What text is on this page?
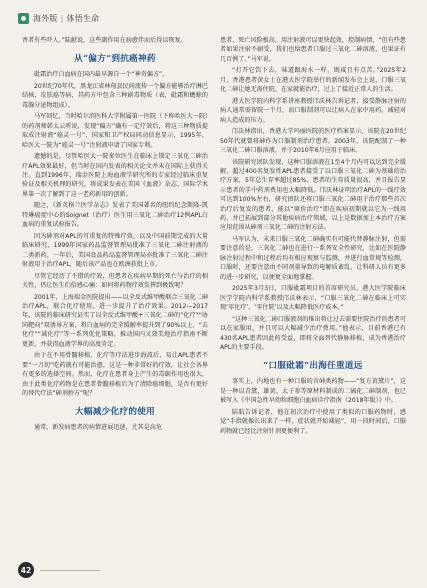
海外版 | 体悟生命

香者有些吓人。”陆献说，这些副作用在病愈伴而后得以恢复。

从“偏方”到抗癌神药

砒霜治疗白血病在国内最早源自一个“神奇偏方”。

20世纪70年代，黑龙江省林甸县民间流传一个偏方能够治疗淋巴结核、皮肤癌等病，其药方中包含三种剧毒物质（表，砒霜和蟾蜍的毒腺分泌物组成）。

马军回忆，当时哈尔滨医科大学附属第一医院（下称哈医大一院）的药剂师韩太云听说，发现“偏方”确有一定疗效后，将这三种物质提取成注射液“癌灵一号”，国家和卫产权局同动信息显示，1995年，哈医大一院为“癌灵一号”注射液申请了国家专利。

遗憾的是，尽管哈医大一院多位医生在临床上锁定三氧化二砷治疗APL效果最好，但当时在国内发表的相关论文并未在国际上获得关注。直到1996年，瑞金医院上海血液学研究所的专家经过临床重复验证及相关机理的研究，将成果发表在美国《血液》杂志，国际学术界第一次了解到了这一老药新用的创新。

随之，《新英格兰医学杂志》发表了美国著名的纽约纪念斯隆-凯特琳癌症中心的Soignet（治疗）医生用三氧化二砷治疗12例APL白血病的重复试验报告。

因为砷剂对APL的可重复的特殊疗效，以及中国前期完成的大量临床研究，1999年国家药品监督管理局批准了三氧化二砷注射液的二类新药，一年后，美国食品药品监督管理局亦批准了三氧化二砷注射液用于治疗APL，随后该产品也在欧洲获批上市。

尽管它经历了不错的疗效，但患者在疾病早期的死亡与治疗的相关性，仍让医生们倍感心痛：如何将药物疗效发挥到极致呢？

2001年，上海瑞金医院提出——以全反式维甲酸联合三氧化二砷治疗APL，联合化疗使用，进一步提升了治疗效果。2012—2017年，该院的临床研究证实了以全反式维甲酸+三氧化二砷的“化疗”“协同靶向”双诱导方案，将白血病的完全缓解率提升到了90%以上，“去化疗”“减化疗”等一系列优化策略，推动国内又效美地治疗指南不断更新，并获得血液学界的高度肯定。

由于在不用骨髓移植、化疗等疗法进步海波后，易让APL患者不要“一刀切”吃药就有可能治愈，这是一种非常好的疗效，让社会各界有更多的选择空间。然而，化疗在患者身上产生的毒副作用也很大，由于此类化疗药物是在患者骨髓移植后为了清除癌细胞，是否有更好的替代疗法“砷剂妙方”呢？

大幅减少化疗的使用

通常，新发病患者的病情进展迅速，尤其是高危

患者，死亡风险极高，用注射液可以更快起效，控制病情，“但有些患者如果注射不耐受，我们也给患者口服过三氧化二砷溶液，也果证有几百例了。”马军说。

“打开它饮下去，味道跟海水一样，既咸且有点苦。”2025年2月，香港患者黄女士在港大医学院举行的新闻发布会上说，口服三氧化二砷让她无需住院，在家就能治疗，过上了接近正常人的生活。

港大医学院内科学系讲座教授邝沃林告诉记者，接受静脉注射的病人通常需留院一个月，而口服制剂可以让病人在家中用药，减轻对病人造成的压力。

邝沃林指出，香港大学玛丽医院的医疗档案显示，该院在20世纪50年代就曾将砷作为口服制剂治疗患者。2003年，该院配制了一种三氧化二砷口服溶液，并于2010年6月应用于临床。

该院研究团队发现，这种口服溶液在1至4个月内可以达到完全缓解，超过400名复发性APL患者接受了以口服三氧化二砷为基础的治疗方案，5年总生存率超过85%，患者的生存质量很高，并且报告显示患者的手中药剂费用也大幅降低。邝沃林证明治疗APL的一线疗效可达到100%左右，研究团队还将口服三氧化二砷用于治疗那些首次治疗后复发的患者，能以“原价治疗”即在疾病初期就以它为一线用药，并已拓展到部分其他疾病治疗领域，以上是数据加上本治疗方案应用范围从砷剂三氧化二砷的注射方法。

马军认为，未来口服三氧化二砷确实有可能代替静脉注射，但需要注意的是，三氧化二砷也在进行一系列安全性研究，比如在医院静脉注射过程中和过程后均有相应观察与监测，并进行血常规等检测，口服时，还要注意由不同剂量导致的电解质紊乱，让科研人员有更多的进一步研究，以便更全面地掌握。

2025年3月3日，口服砒霜项目的首席研究员、港大医学院临床医学学院内科学系教授邝沃林表示，“口服三氧化二砷在临床上可实现‘零化疗’、‘零住院’以及大幅降低医疗成本。”

“这种三氧化二砷口服液剂的推出将让过去需要住院治疗的患者可以在家服用，并且可以大幅减少治疗费用。”他表示，目前香港已有430名APL患者因此药受益，即将全面替代静脉移植，成为香港治疗APL的主要手段。

“口服砒霜”出海任重道远

事实上，内地也有一种口服的含砷类药物——“复方黄黛片”，这是一种以青黛、雄黄、太子参等原材料制成的二硫化二砷制剂，也已被写入《中国急性早幼粒细胞白血病诊疗指南（2018年版）》中。

陆航告诉记者，他在初次治疗中使用了类似的口服药物时，感觉“手指就像长出来了一样，症状就开始减轻”，用一段时间后，口服药物就已经比注射针剂更便利了。

42
